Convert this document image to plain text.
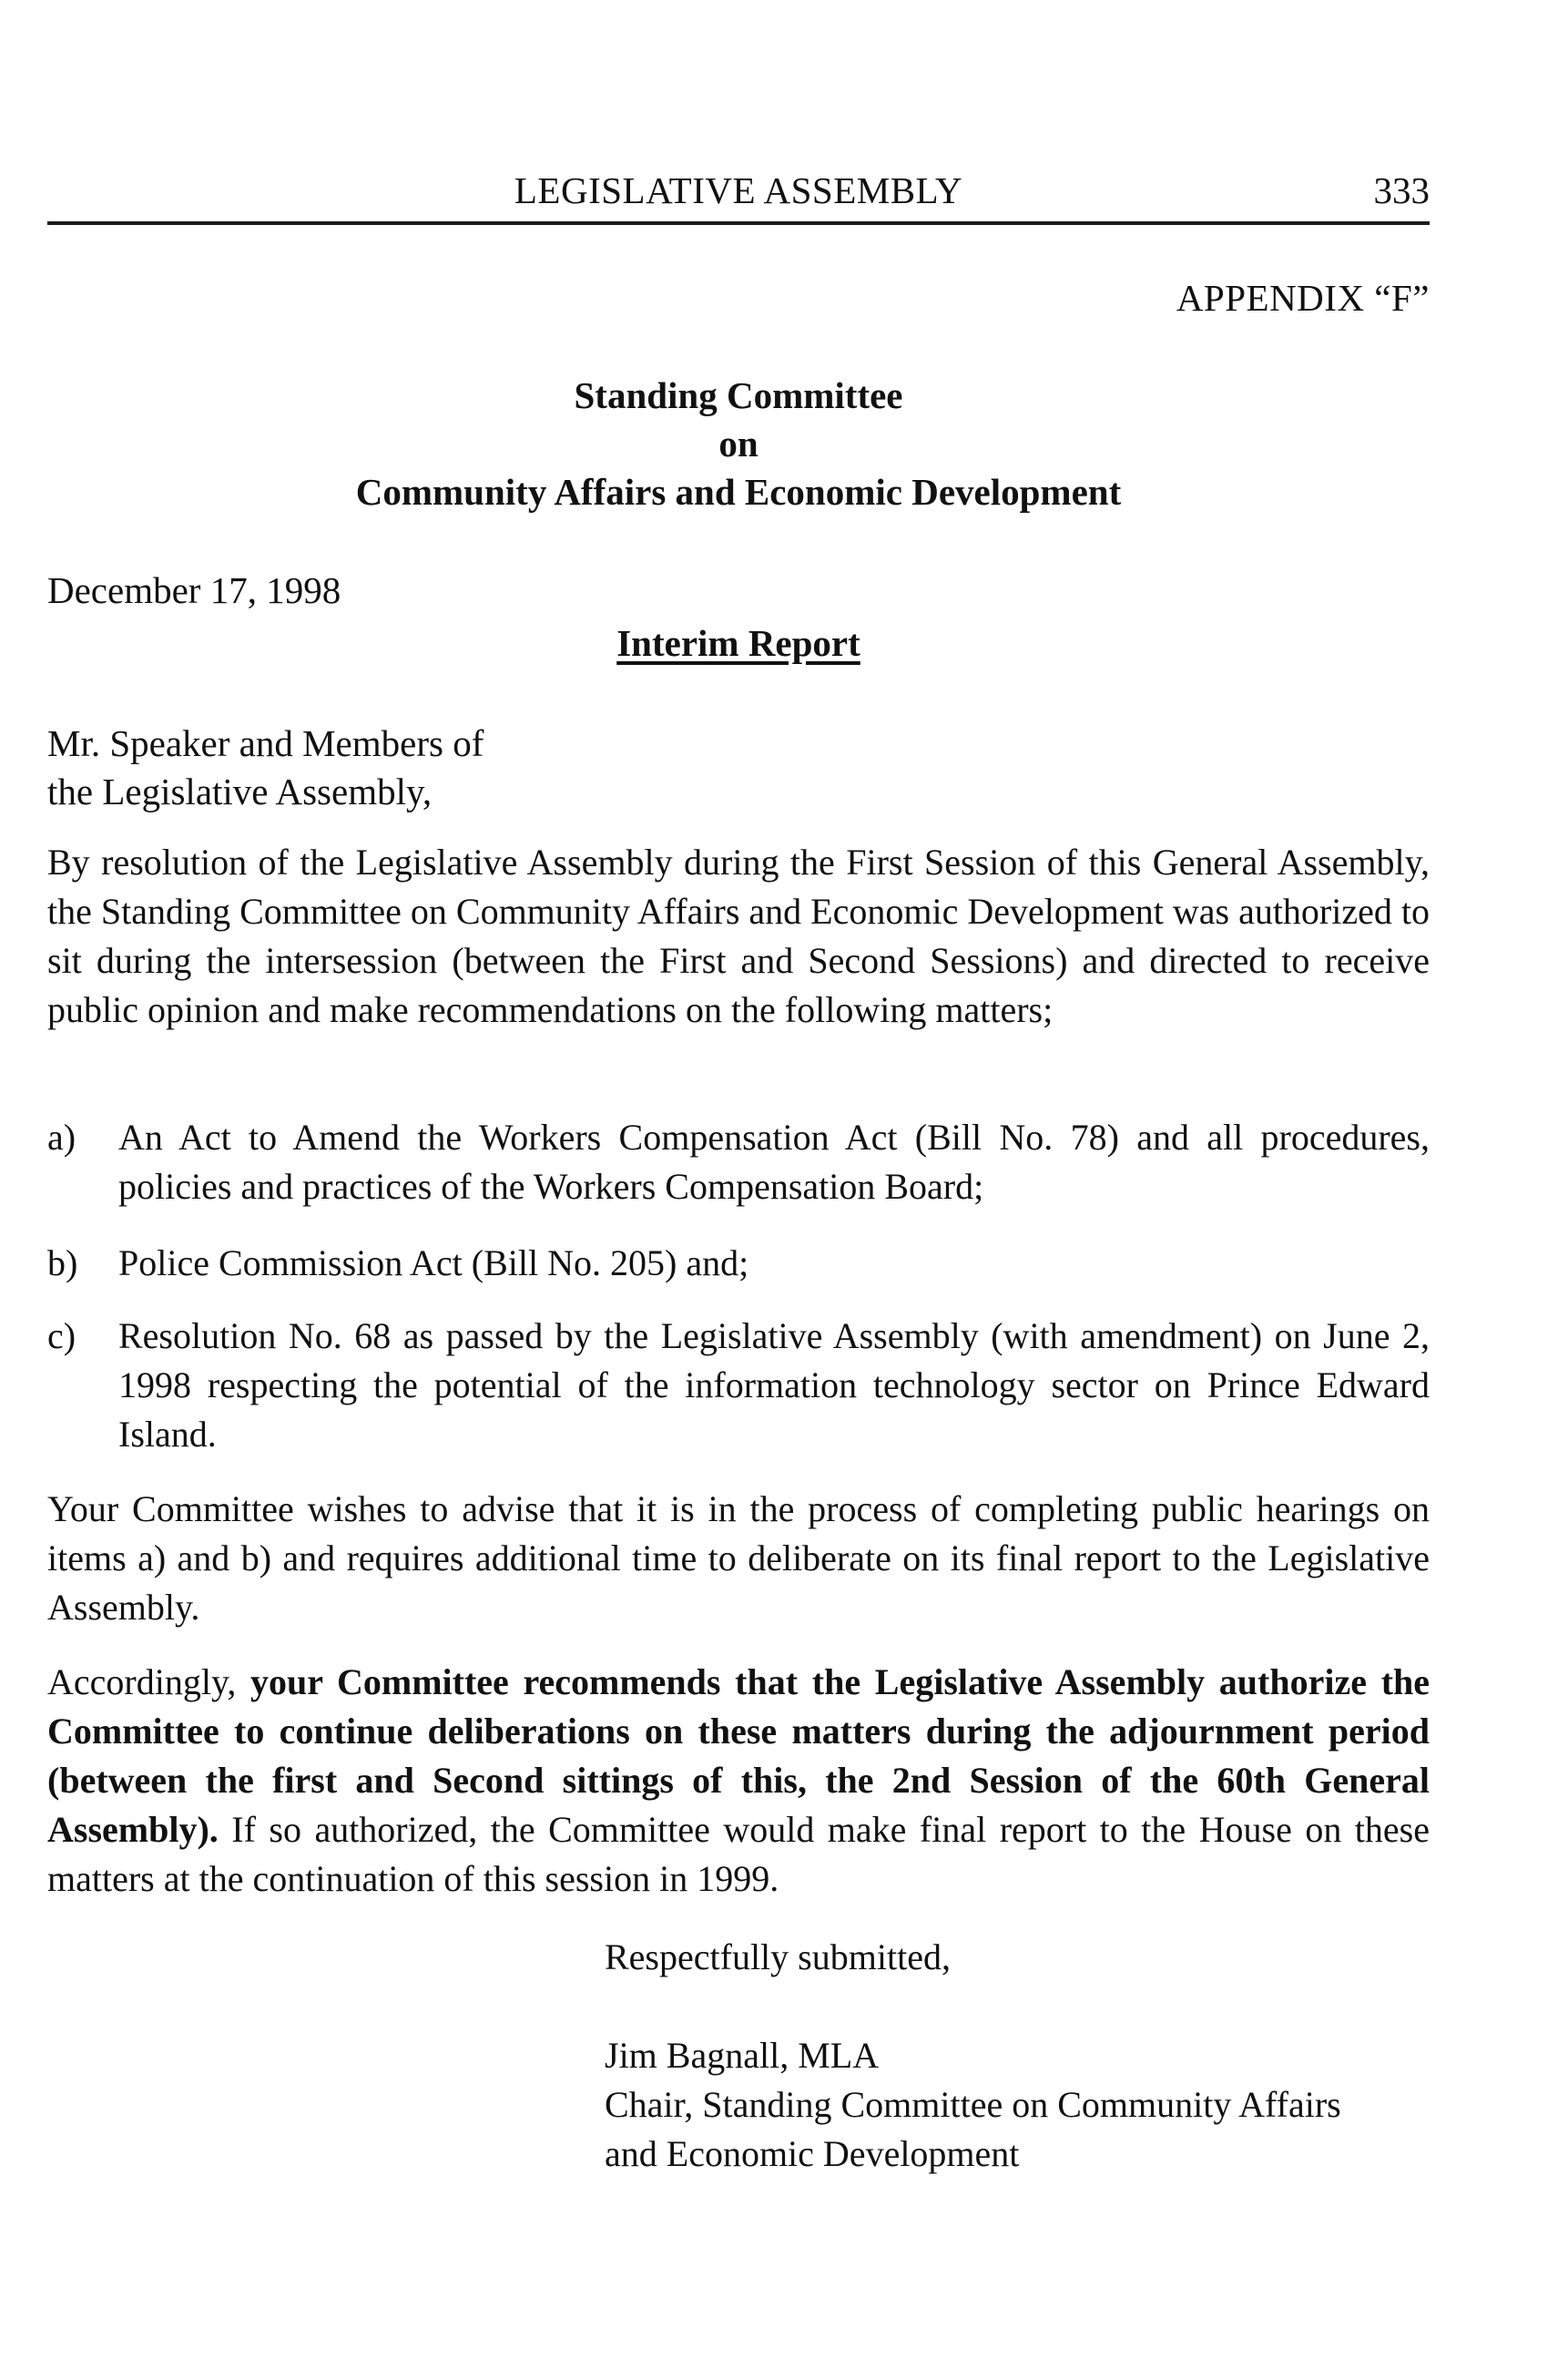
LEGISLATIVE ASSEMBLY	333
APPENDIX “F”
Standing Committee
on
Community Affairs and Economic Development
December 17, 1998
Interim Report
Mr. Speaker and Members of
the Legislative Assembly,
By resolution of the Legislative Assembly during the First Session of this General Assembly, the Standing Committee on Community Affairs and Economic Development was authorized to sit during the intersession (between the First and Second Sessions) and directed to receive public opinion and make recommendations on the following matters;
a) An Act to Amend the Workers Compensation Act (Bill No. 78) and all procedures, policies and practices of the Workers Compensation Board;
b) Police Commission Act (Bill No. 205) and;
c) Resolution No. 68 as passed by the Legislative Assembly (with amendment) on June 2, 1998 respecting the potential of the information technology sector on Prince Edward Island.
Your Committee wishes to advise that it is in the process of completing public hearings on items a) and b) and requires additional time to deliberate on its final report to the Legislative Assembly.
Accordingly, your Committee recommends that the Legislative Assembly authorize the Committee to continue deliberations on these matters during the adjournment period (between the first and Second sittings of this, the 2nd Session of the 60th General Assembly). If so authorized, the Committee would make final report to the House on these matters at the continuation of this session in 1999.
Respectfully submitted,
Jim Bagnall, MLA
Chair, Standing Committee on Community Affairs
and Economic Development
